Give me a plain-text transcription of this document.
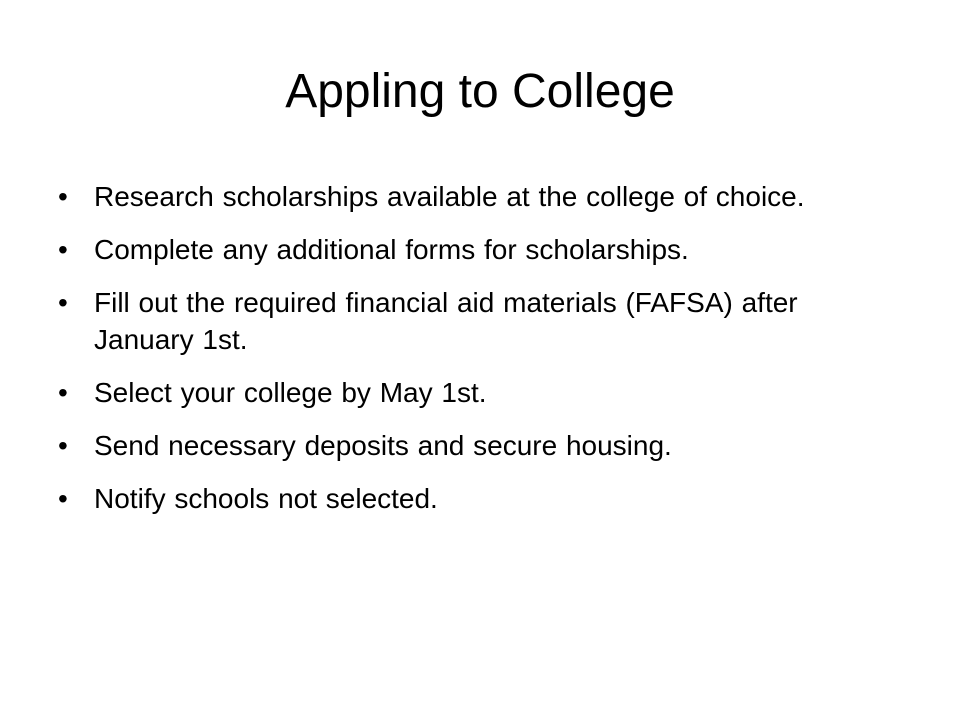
Appling to College
• Research scholarships available at the college of choice.
• Complete any additional forms for scholarships.
• Fill out the required financial aid materials (FAFSA) after January 1st.
• Select your college by May 1st.
• Send necessary deposits and secure housing.
• Notify schools not selected.
